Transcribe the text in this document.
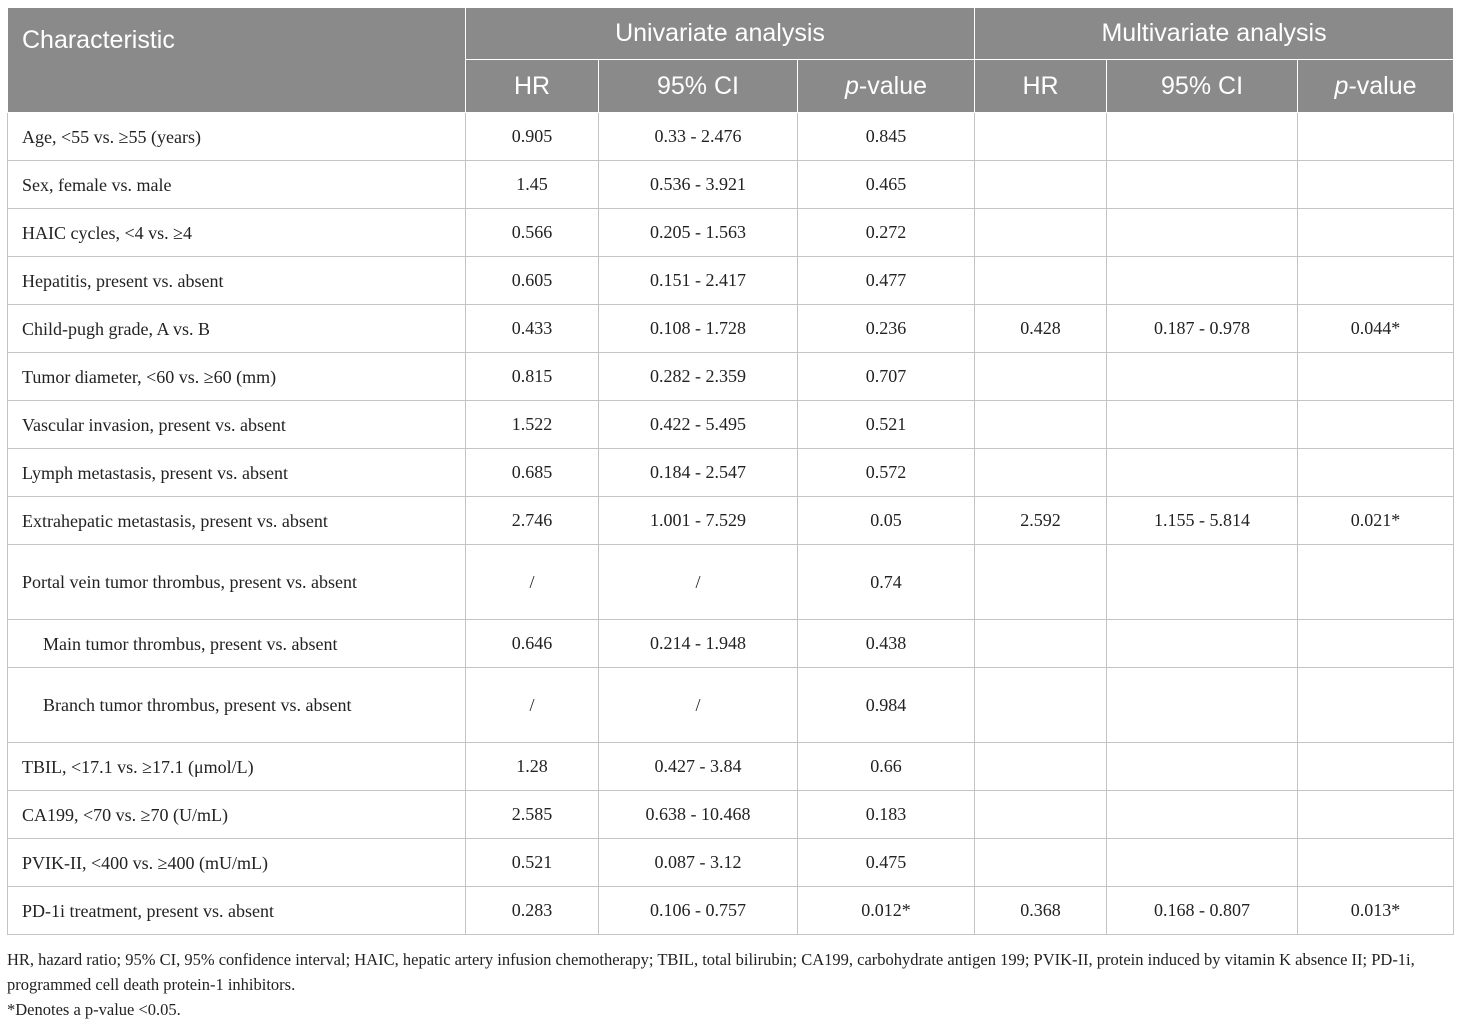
Characteristic	Univariate analysis			Multivariate analysis		
	HR	95% CI	p-value	HR	95% CI	p-value
Age, <55 vs. ≥55 (years)	0.905	0.33 - 2.476	0.845			
Sex, female vs. male	1.45	0.536 - 3.921	0.465			
HAIC cycles, <4 vs. ≥4	0.566	0.205 - 1.563	0.272			
Hepatitis, present vs. absent	0.605	0.151 - 2.417	0.477			
Child-pugh grade, A vs. B	0.433	0.108 - 1.728	0.236	0.428	0.187 - 0.978	0.044*
Tumor diameter, <60 vs. ≥60 (mm)	0.815	0.282 - 2.359	0.707			
Vascular invasion, present vs. absent	1.522	0.422 - 5.495	0.521			
Lymph metastasis, present vs. absent	0.685	0.184 - 2.547	0.572			
Extrahepatic metastasis, present vs. absent	2.746	1.001 - 7.529	0.05	2.592	1.155 - 5.814	0.021*
Portal vein tumor thrombus, present vs. absent	/	/	0.74			
Main tumor thrombus, present vs. absent	0.646	0.214 - 1.948	0.438			
Branch tumor thrombus, present vs. absent	/	/	0.984			
TBIL, <17.1 vs. ≥17.1 (μmol/L)	1.28	0.427 - 3.84	0.66			
CA199, <70 vs. ≥70 (U/mL)	2.585	0.638 - 10.468	0.183			
PVIK-II, <400 vs. ≥400 (mU/mL)	0.521	0.087 - 3.12	0.475			
PD-1i treatment, present vs. absent	0.283	0.106 - 0.757	0.012*	0.368	0.168 - 0.807	0.013*

HR, hazard ratio; 95% CI, 95% confidence interval; HAIC, hepatic artery infusion chemotherapy; TBIL, total bilirubin; CA199, carbohydrate antigen 199; PVIK-II, protein induced by vitamin K absence II; PD-1i, programmed cell death protein-1 inhibitors.

*Denotes a p-value <0.05.
